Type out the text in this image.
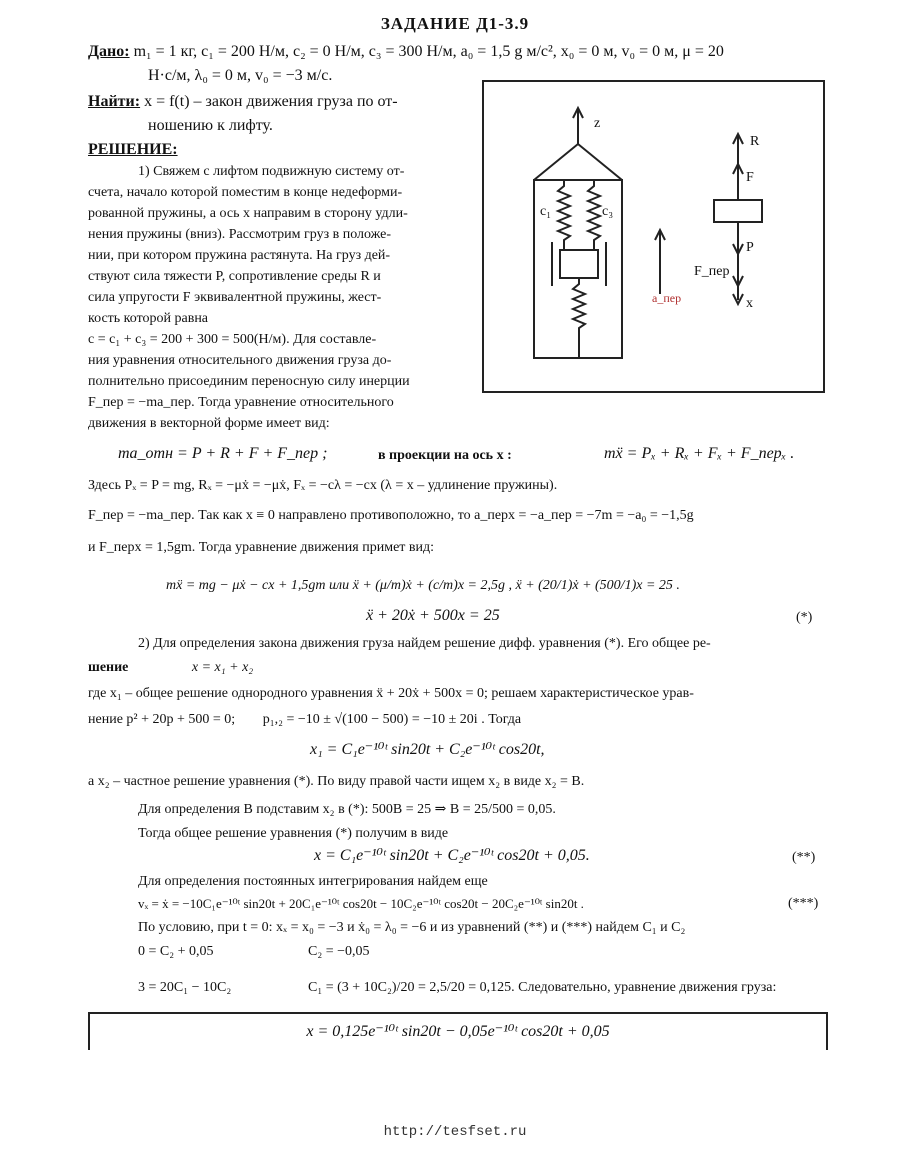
ЗАДАНИЕ Д1-3.9
Дано: m₁ = 1 кг, c₁ = 200 Н/м, c₂ = 0 Н/м, c₃ = 300 Н/м, a₀ = 1,5 g м/с², x₀ = 0 м, v₀ = 0 м, μ = 20
Н·с/м, λ₀ = 0 м, v₀ = −3 м/с.
Найти: x = f(t) – закон движения груза по от-
ношению к лифту.
РЕШЕНИЕ:
1) Свяжем с лифтом подвижную систему от-
счета, начало которой поместим в конце недеформи-
рованной пружины, а ось x направим в сторону удли-
нения пружины (вниз). Рассмотрим груз в положе-
нии, при котором пружина растянута. На груз дей-
ствуют сила тяжести P, сопротивление среды R и
сила упругости F эквивалентной пружины, жест-
кость которой равна
c = c₁ + c₃ = 200 + 300 = 500(Н/м). Для составле-
ния уравнения относительного движения груза до-
полнительно присоединим переносную силу инерции
F_пер = −ma_пер. Тогда уравнение относительного
движения в векторной форме имеет вид:
z
c₁	c₃
a_пер
R
F
P
F_пер
x
ma_отн = P + R + F + F_пер ;	в проекции на ось x :	mẍ = Pₓ + Rₓ + Fₓ + F_перₓ .
Здесь Pₓ = P = mg, Rₓ = −μẋ = −μẋ, Fₓ = −cλ = −cx (λ = x – удлинение пружины).
F_пер = −ma_пер. Так как x ≡ 0 направлено противоположно, то a_перx = −a_пер = −7m = −a₀ = −1,5g
и F_перx = 1,5gm. Тогда уравнение движения примет вид:
mẍ = mg − μẋ − cx + 1,5gm или ẍ + (μ/m)ẋ + (c/m)x = 2,5g , ẍ + (20/1)ẋ + (500/1)x = 25 .
ẍ + 20ẋ + 500x = 25	(*)
2) Для определения закона движения груза найдем решение дифф. уравнения (*). Его общее ре-
шение	x = x₁ + x₂
где x₁ – общее решение однородного уравнения ẍ + 20ẋ + 500x = 0; решаем характеристическое урав-
нение p² + 20p + 500 = 0; p₁,₂ = −10 ± √(100 − 500) = −10 ± 20i . Тогда
x₁ = C₁e⁻¹⁰ᵗ sin20t + C₂e⁻¹⁰ᵗ cos20t,
а x₂ – частное решение уравнения (*). По виду правой части ищем x₂ в виде x₂ = B.
Для определения B подставим x₂ в (*): 500B = 25 ⇒ B = 25/500 = 0,05.
Тогда общее решение уравнения (*) получим в виде
x = C₁e⁻¹⁰ᵗ sin20t + C₂e⁻¹⁰ᵗ cos20t + 0,05.	(**)
Для определения постоянных интегрирования найдем еще
vₓ = ẋ = −10C₁e⁻¹⁰ᵗ sin20t + 20C₁e⁻¹⁰ᵗ cos20t − 10C₂e⁻¹⁰ᵗ cos20t − 20C₂e⁻¹⁰ᵗ sin20t .	(***)
По условию, при t = 0: xₓ = x₀ = −3 и ẋ₀ = λ₀ = −6 и из уравнений (**) и (***) найдем C₁ и C₂
0 = C₂ + 0,05	C₂ = −0,05
3 = 20C₁ − 10C₂	C₁ = (3 + 10C₂)/20 = 2,5/20 = 0,125. Следовательно, уравнение движения груза:
x = 0,125e⁻¹⁰ᵗ sin20t − 0,05e⁻¹⁰ᵗ cos20t + 0,05
http://tesfset.ru
